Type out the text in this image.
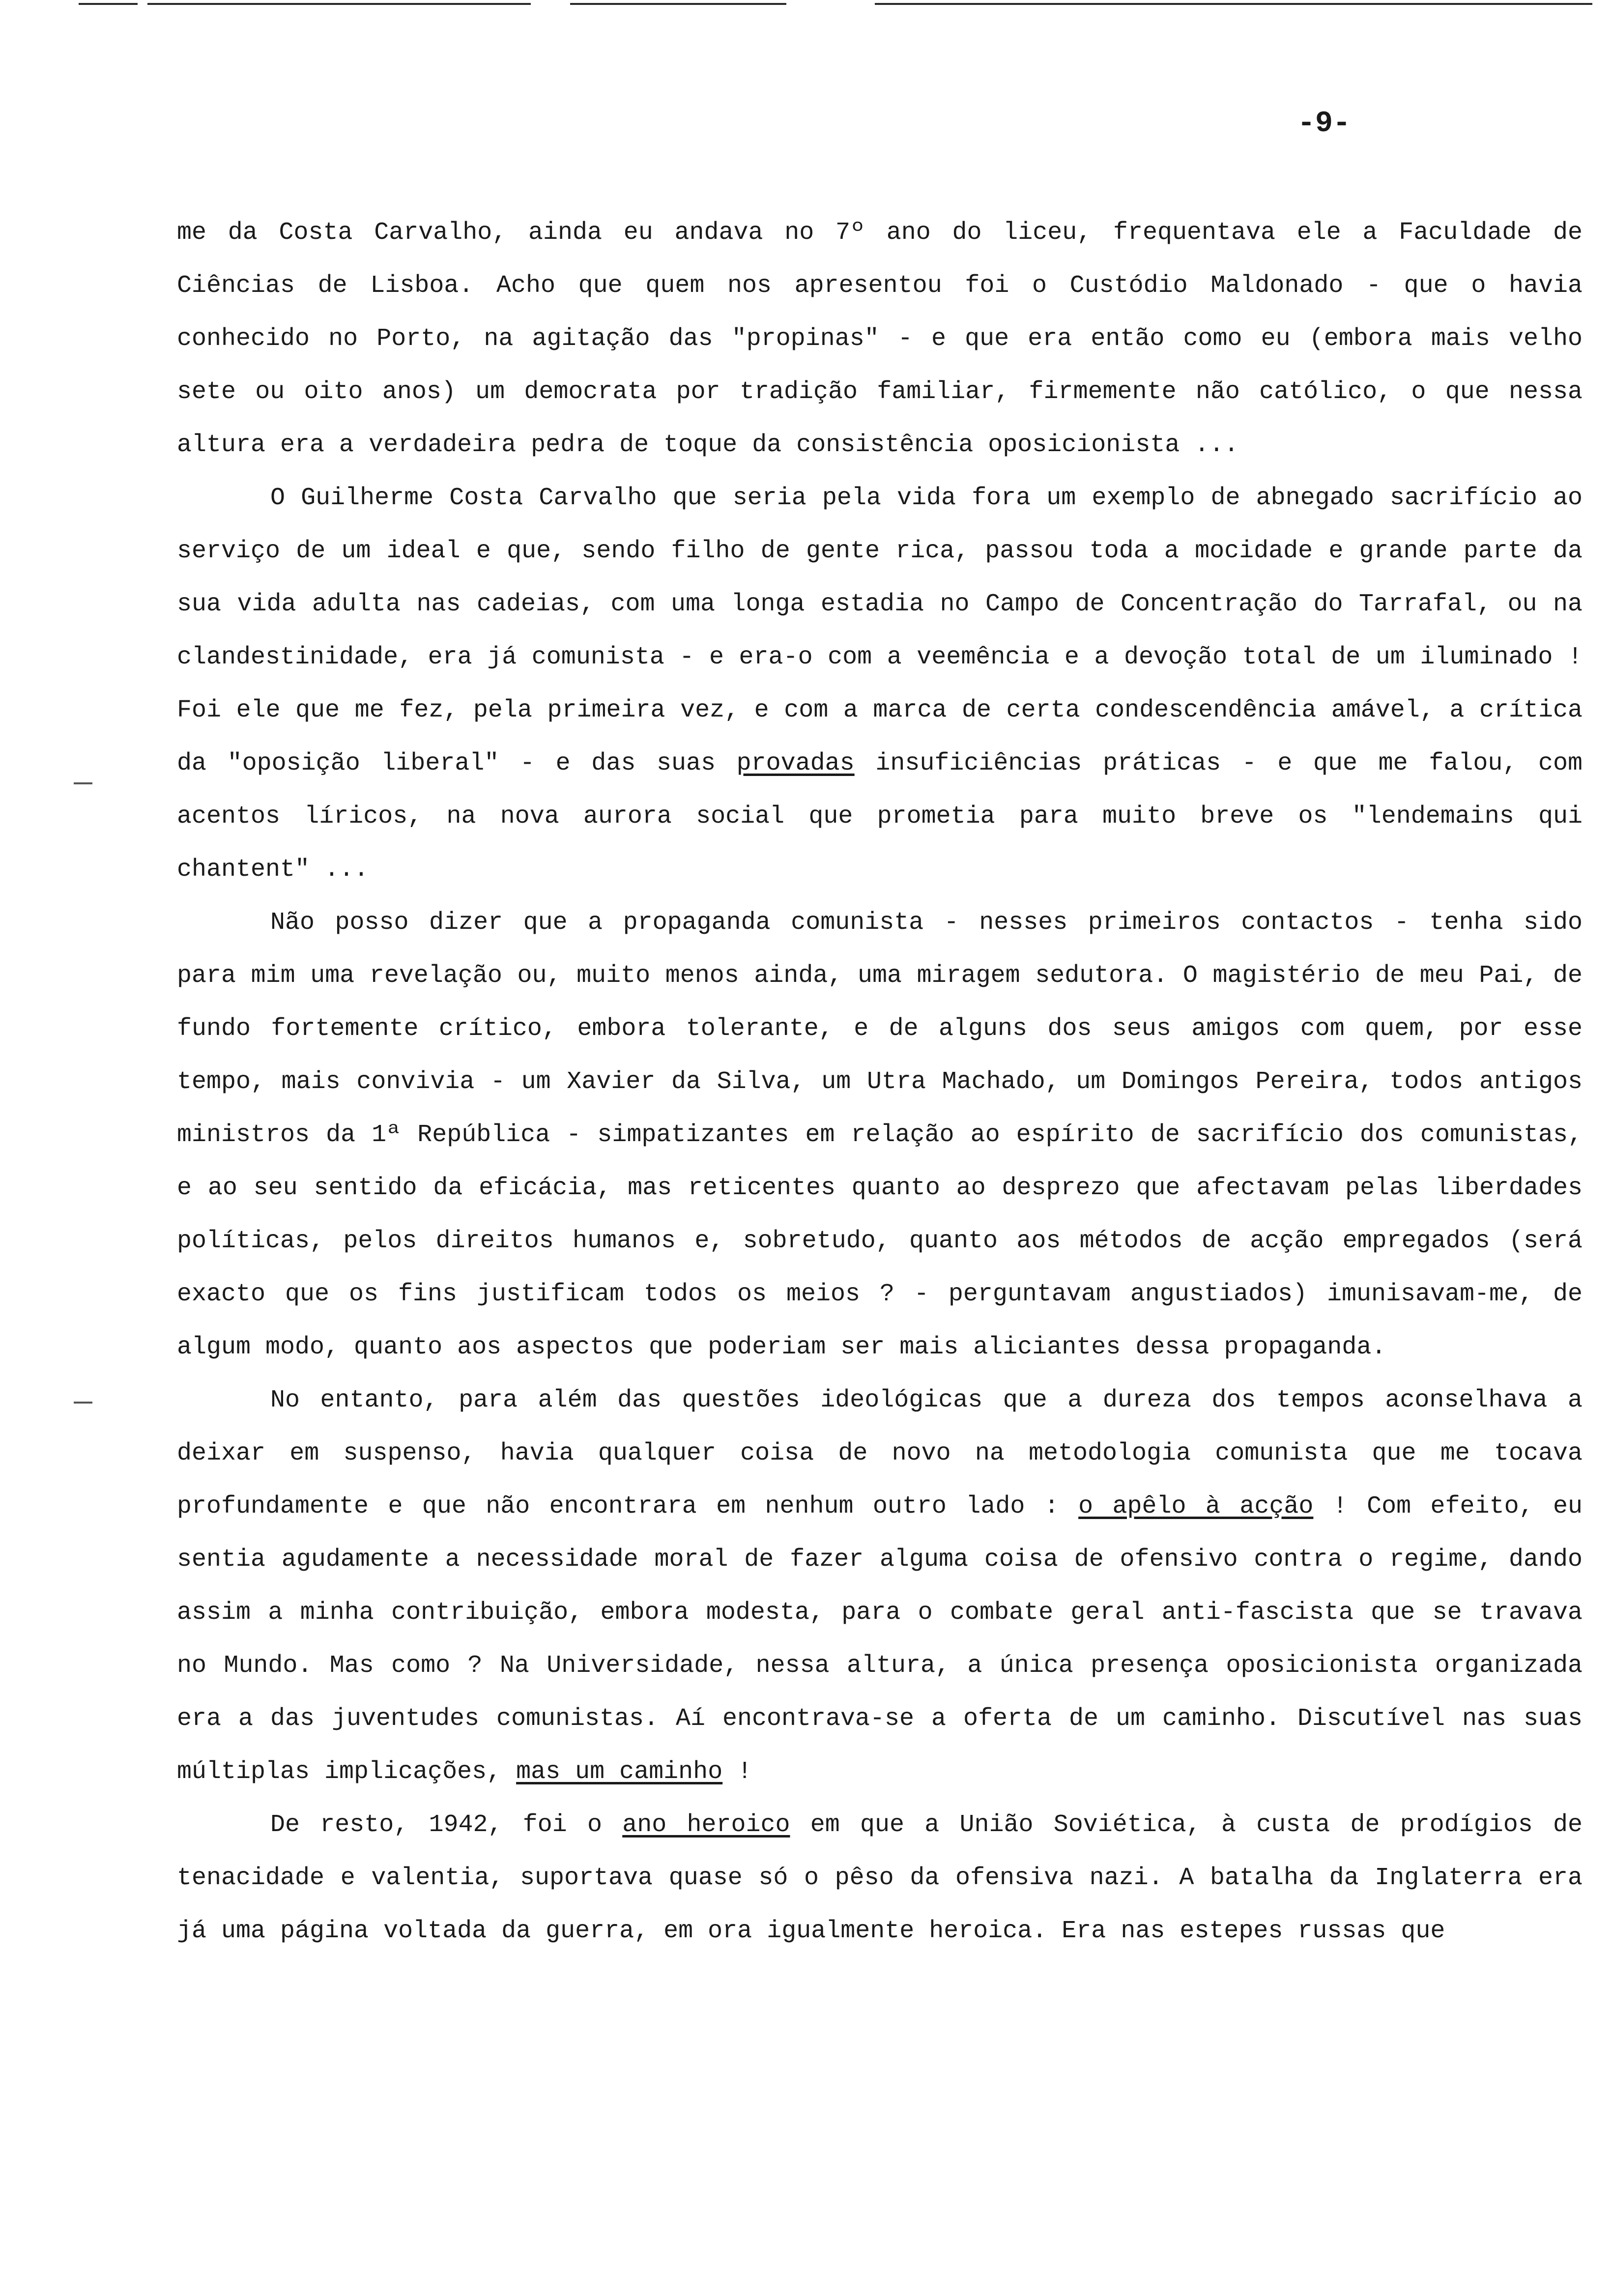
-9-

me da Costa Carvalho, ainda eu andava no 7º ano do liceu, frequentava ele a Faculdade de Ciências de Lisboa. Acho que quem nos apresentou foi o Custódio Maldonado - que o havia conhecido no Porto, na agitação das "propinas" - e que era então como eu (embora mais velho sete ou oito anos) um democrata por tradição familiar, firmemente não católico, o que nessa altura era a verdadeira pedra de toque da consistência oposicionista ...

O Guilherme Costa Carvalho que seria pela vida fora um exemplo de abnegado sacrifício ao serviço de um ideal e que, sendo filho de gente rica, passou toda a mocidade e grande parte da sua vida adulta nas cadeias, com uma longa estadia no Campo de Concentração do Tarrafal, ou na clandestinidade, era já comunista - e era-o com a veemência e a devoção total de um iluminado ! Foi ele que me fez, pela primeira vez, e com a marca de certa condescendência amável, a crítica da "oposição liberal" - e das suas provadas insuficiências práticas - e que me falou, com acentos líricos, na nova aurora social que prometia para muito breve os "lendemains qui chantent" ...

Não posso dizer que a propaganda comunista - nesses primeiros contactos - tenha sido para mim uma revelação ou, muito menos ainda, uma miragem sedutora. O magistério de meu Pai, de fundo fortemente crítico, embora tolerante, e de alguns dos seus amigos com quem, por esse tempo, mais convivia - um Xavier da Silva, um Utra Machado, um Domingos Pereira, todos antigos ministros da 1ª República - simpatizantes em relação ao espírito de sacrifício dos comunistas, e ao seu sentido da eficácia, mas reticentes quanto ao desprezo que afectavam pelas liberdades políticas, pelos direitos humanos e, sobretudo, quanto aos métodos de acção empregados (será exacto que os fins justificam todos os meios ? - perguntavam angustiados) imunisavam-me, de algum modo, quanto aos aspectos que poderiam ser mais aliciantes dessa propaganda.

No entanto, para além das questões ideológicas que a dureza dos tempos aconselhava a deixar em suspenso, havia qualquer coisa de novo na metodologia comunista que me tocava profundamente e que não encontrara em nenhum outro lado : o apêlo à acção ! Com efeito, eu sentia agudamente a necessidade moral de fazer alguma coisa de ofensivo contra o regime, dando assim a minha contribuição, embora modesta, para o combate geral anti-fascista que se travava no Mundo. Mas como ? Na Universidade, nessa altura, a única presença oposicionista organizada era a das juventudes comunistas. Aí encontrava-se a oferta de um caminho. Discutível nas suas múltiplas implicações, mas um caminho !

De resto, 1942, foi o ano heroico em que a União Soviética, à custa de prodígios de tenacidade e valentia, suportava quase só o pêso da ofensiva nazi. A batalha da Inglaterra era já uma página voltada da guerra, em ora igualmente heroica. Era nas estepes russas que
